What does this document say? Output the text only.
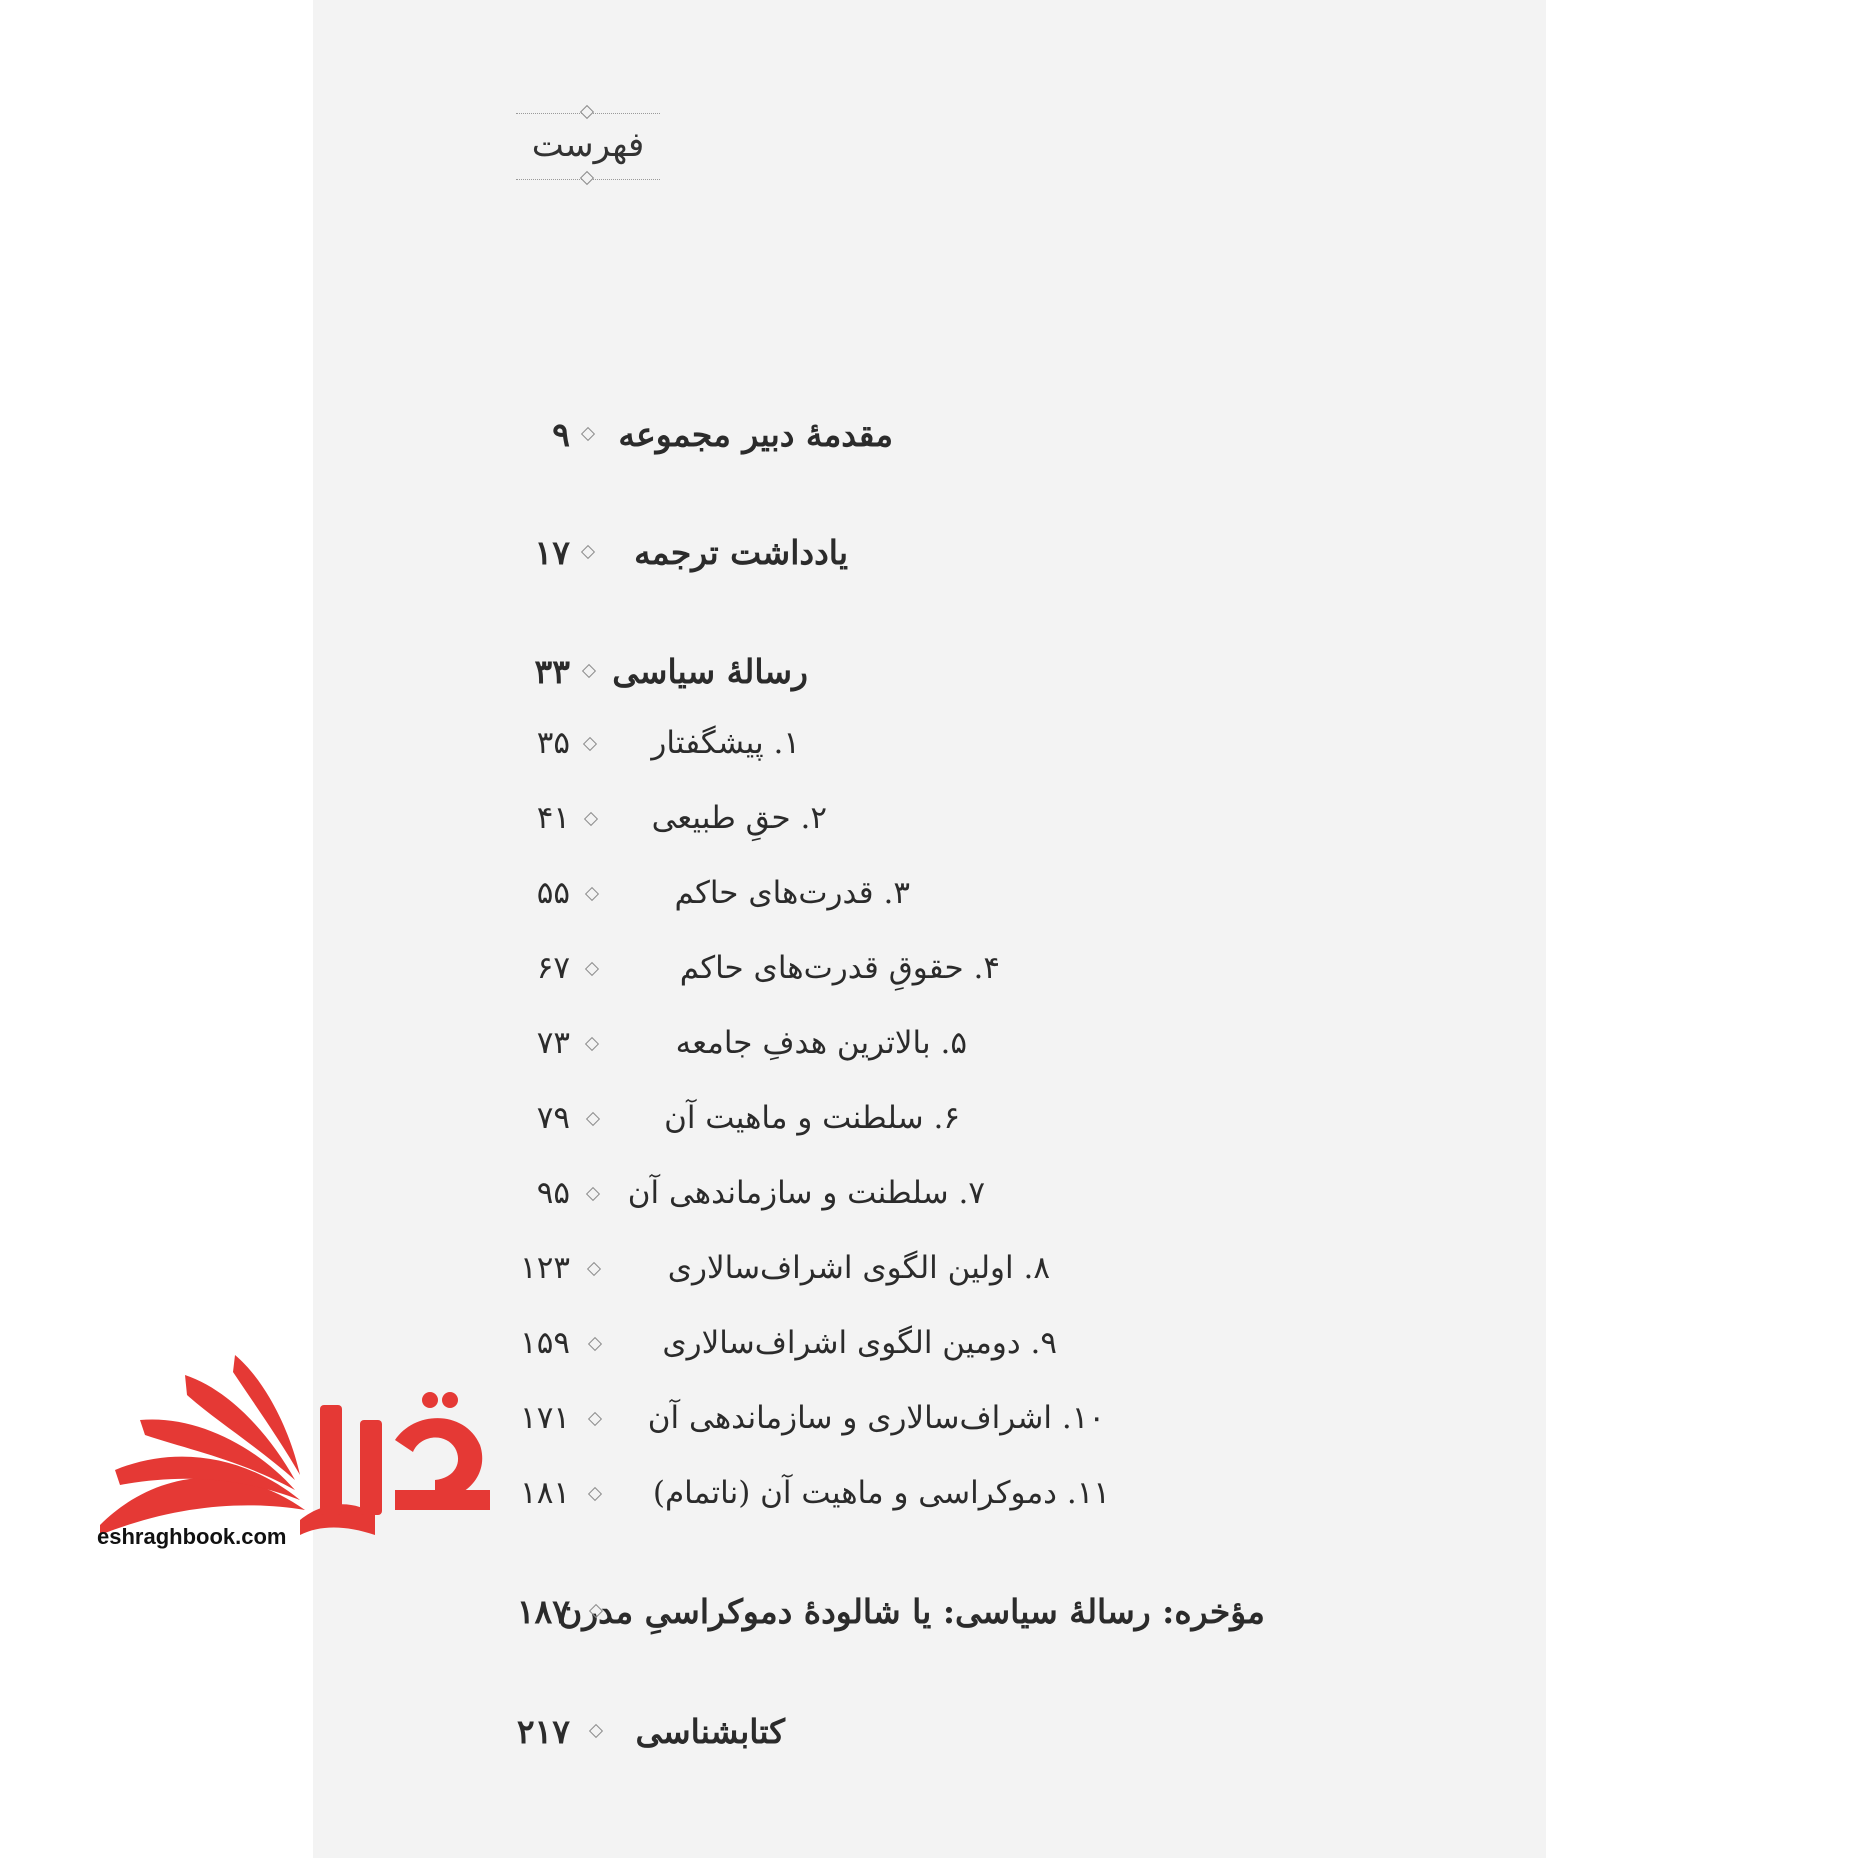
فهرست
مقدمهٔ دبیر مجموعه
۹
یادداشت ترجمه
۱۷
رسالهٔ سیاسی
۳۳
۱. پیشگفتار
۳۵
۲. حقِ طبیعی
۴۱
۳. قدرت‌های حاکم
۵۵
۴. حقوقِ قدرت‌های حاکم
۶۷
۵. بالاترین هدفِ جامعه
۷۳
۶. سلطنت و ماهیت آن
۷۹
۷. سلطنت و سازماندهی آن
۹۵
۸. اولین الگوی اشراف‌سالاری
۱۲۳
۹. دومین الگوی اشراف‌سالاری
۱۵۹
۱۰. اشراف‌سالاری و سازماندهی آن
۱۷۱
۱۱. دموکراسی و ماهیت آن (ناتمام)
۱۸۱
مؤخره: رسالهٔ سیاسی: یا شالودهٔ دموکراسیِ مدرن
۱۸۷
کتابشناسی
۲۱۷
eshraghbook.com
